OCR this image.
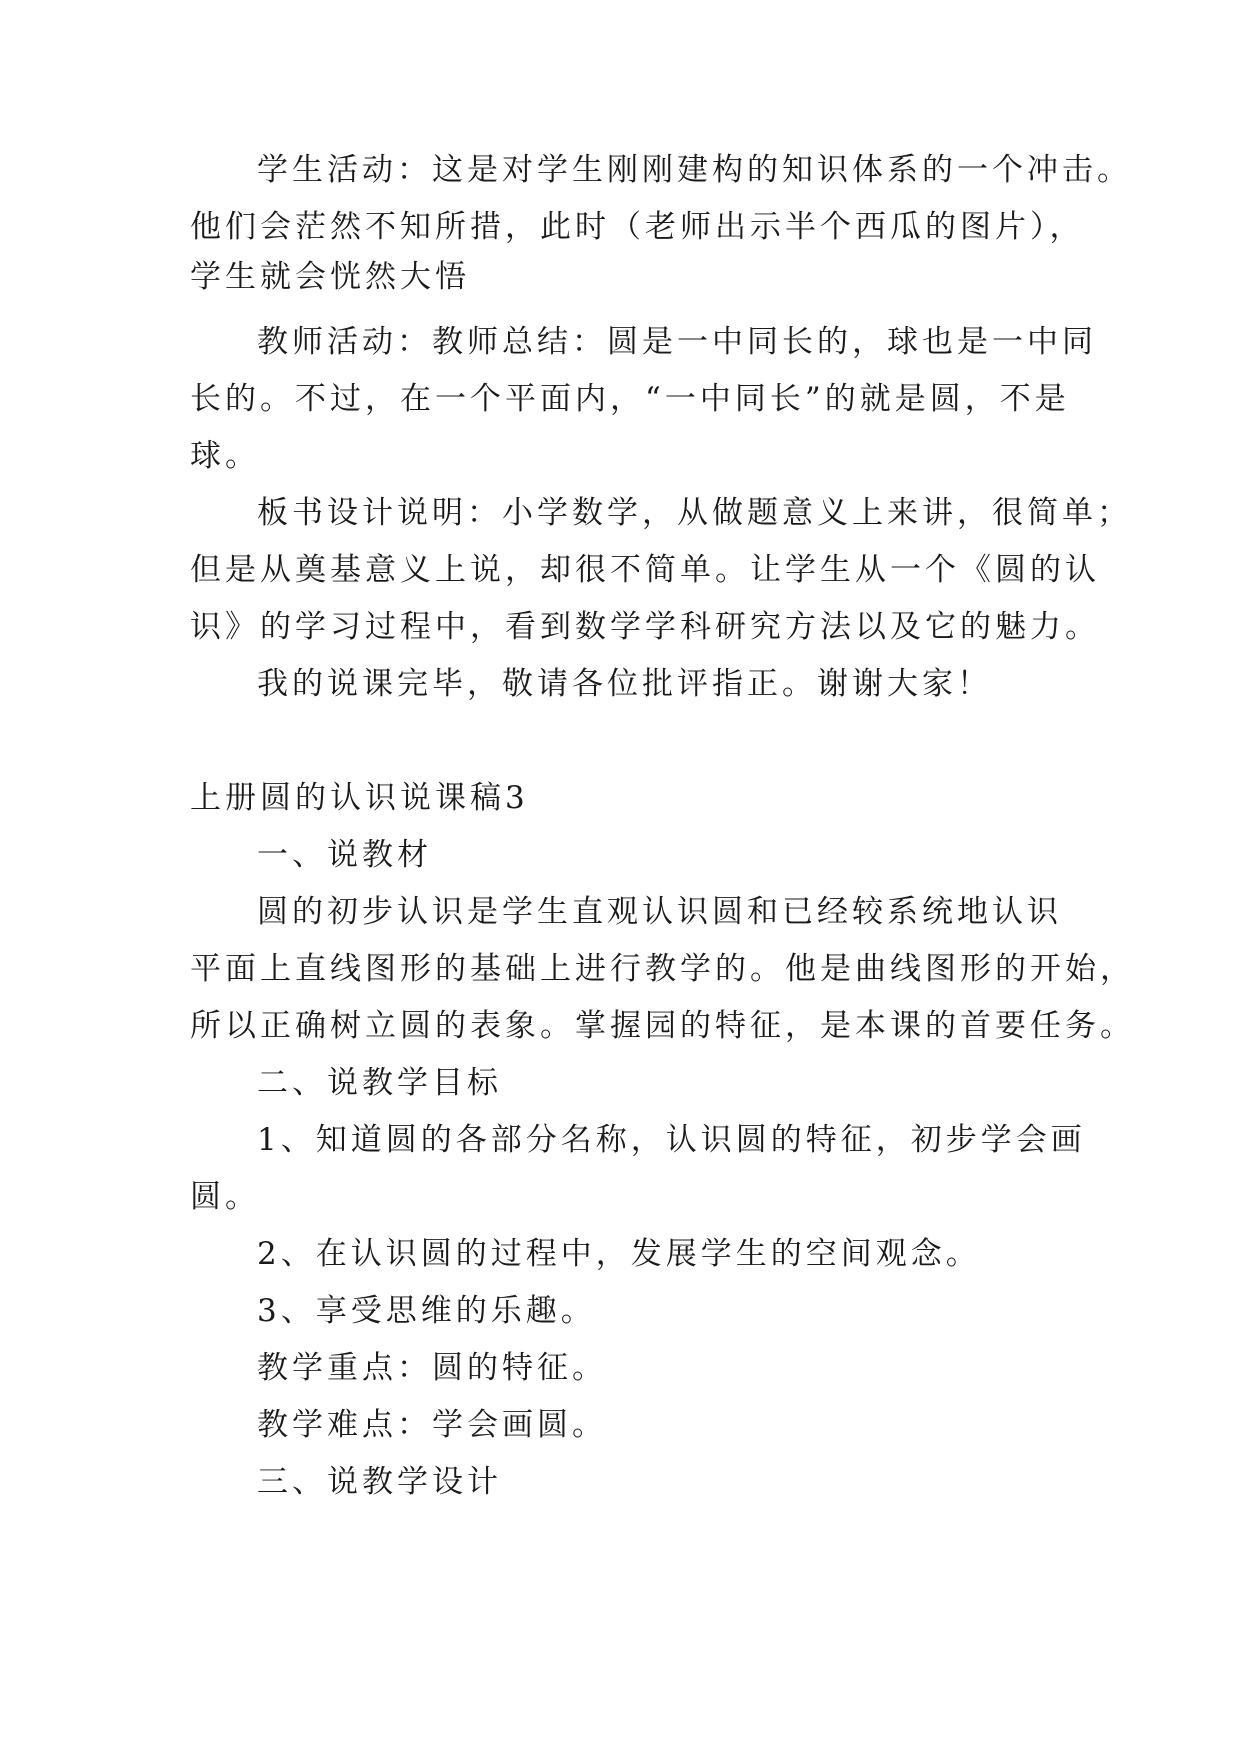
学生活动：这是对学生刚刚建构的知识体系的一个冲击。
他们会茫然不知所措，此时（老师出示半个西瓜的图片），
学生就会恍然大悟
教师活动：教师总结：圆是一中同长的，球也是一中同
长的。不过，在一个平面内，“一中同长”的就是圆，不是
球。
板书设计说明：小学数学，从做题意义上来讲，很简单；
但是从奠基意义上说，却很不简单。让学生从一个《圆的认
识》的学习过程中，看到数学学科研究方法以及它的魅力。
我的说课完毕，敬请各位批评指正。谢谢大家！
上册圆的认识说课稿3
一、说教材
圆的初步认识是学生直观认识圆和已经较系统地认识
平面上直线图形的基础上进行教学的。他是曲线图形的开始，
所以正确树立圆的表象。掌握园的特征，是本课的首要任务。
二、说教学目标
1、知道圆的各部分名称，认识圆的特征，初步学会画
圆。
2、在认识圆的过程中，发展学生的空间观念。
3、享受思维的乐趣。
教学重点：圆的特征。
教学难点：学会画圆。
三、说教学设计
